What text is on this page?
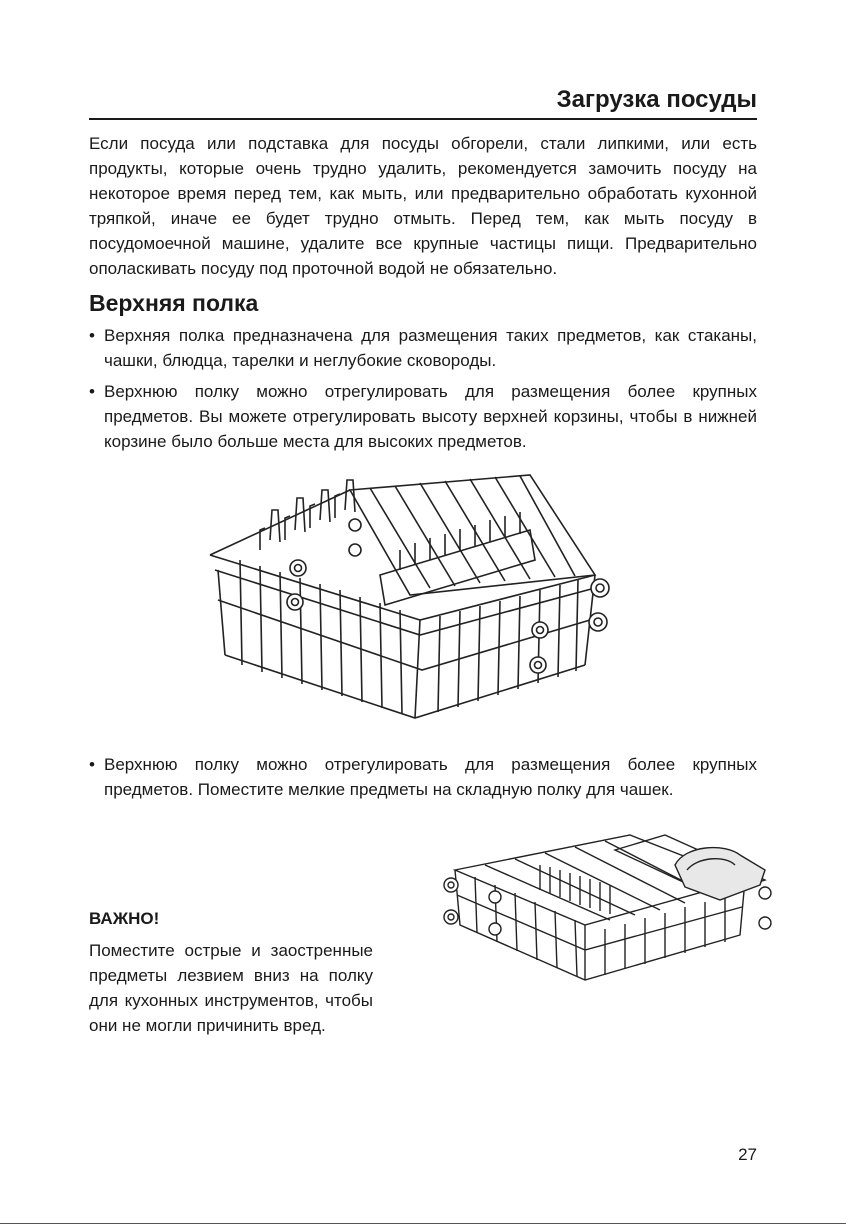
Загрузка посуды

Если посуда или подставка для посуды обгорели, стали липкими, или есть продукты, которые очень трудно удалить, рекомендуется замочить посуду на некоторое время перед тем, как мыть, или предварительно обработать кухонной тряпкой, иначе ее будет трудно отмыть. Перед тем, как мыть посуду в посудомоечной машине, удалите все крупные частицы пищи. Предварительно ополаскивать посуду под проточной водой не обязательно.

Верхняя полка
• Верхняя полка предназначена для размещения таких предметов, как стаканы, чашки, блюдца, тарелки и неглубокие сковороды.
• Верхнюю полку можно отрегулировать для размещения более крупных предметов. Вы можете отрегулировать высоту верхней корзины, чтобы в нижней корзине было больше места для высоких предметов.
• Верхнюю полку можно отрегулировать для размещения более крупных предметов. Поместите мелкие предметы на складную полку для чашек.
ВАЖНО!

Поместите острые и заостренные предметы лезвием вниз на полку для кухонных инструментов, чтобы они не могли причинить вред.

27
